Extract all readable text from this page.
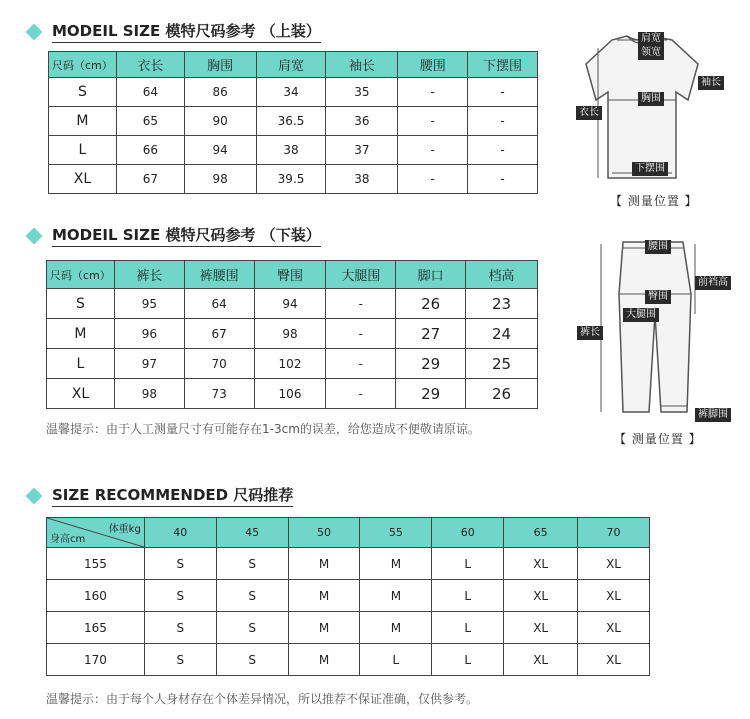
MODEIL SIZE 模特尺码参考 （上装）
尺码（cm）	衣长	胸围	肩宽	袖长	腰围	下摆围
S	64	86	34	35	-	-
M	65	90	36.5	36	-	-
L	66	94	38	37	-	-
XL	67	98	39.5	38	-	-
肩宽
领宽
袖长
衣长
胸围
下摆围
【 测量位置 】
MODEIL SIZE 模特尺码参考 （下装）
尺码（cm）	裤长	裤腰围	臀围	大腿围	脚口	档高
S	95	64	94	-	26	23
M	96	67	98	-	27	24
L	97	70	102	-	29	25
XL	98	73	106	-	29	26
温馨提示：由于人工测量尺寸有可能存在1-3cm的误差，给您造成不便敬请原谅。
腰围
前裆高
臀围
大腿围
裤长
裤脚围
【 测量位置 】
SIZE RECOMMENDED 尺码推荐
体重kg
身高cm	40	45	50	55	60	65	70
155	S	S	M	M	L	XL	XL
160	S	S	M	M	L	XL	XL
165	S	S	M	M	L	XL	XL
170	S	S	M	L	L	XL	XL
温馨提示：由于每个人身材存在个体差异情况，所以推荐不保证准确，仅供参考。
